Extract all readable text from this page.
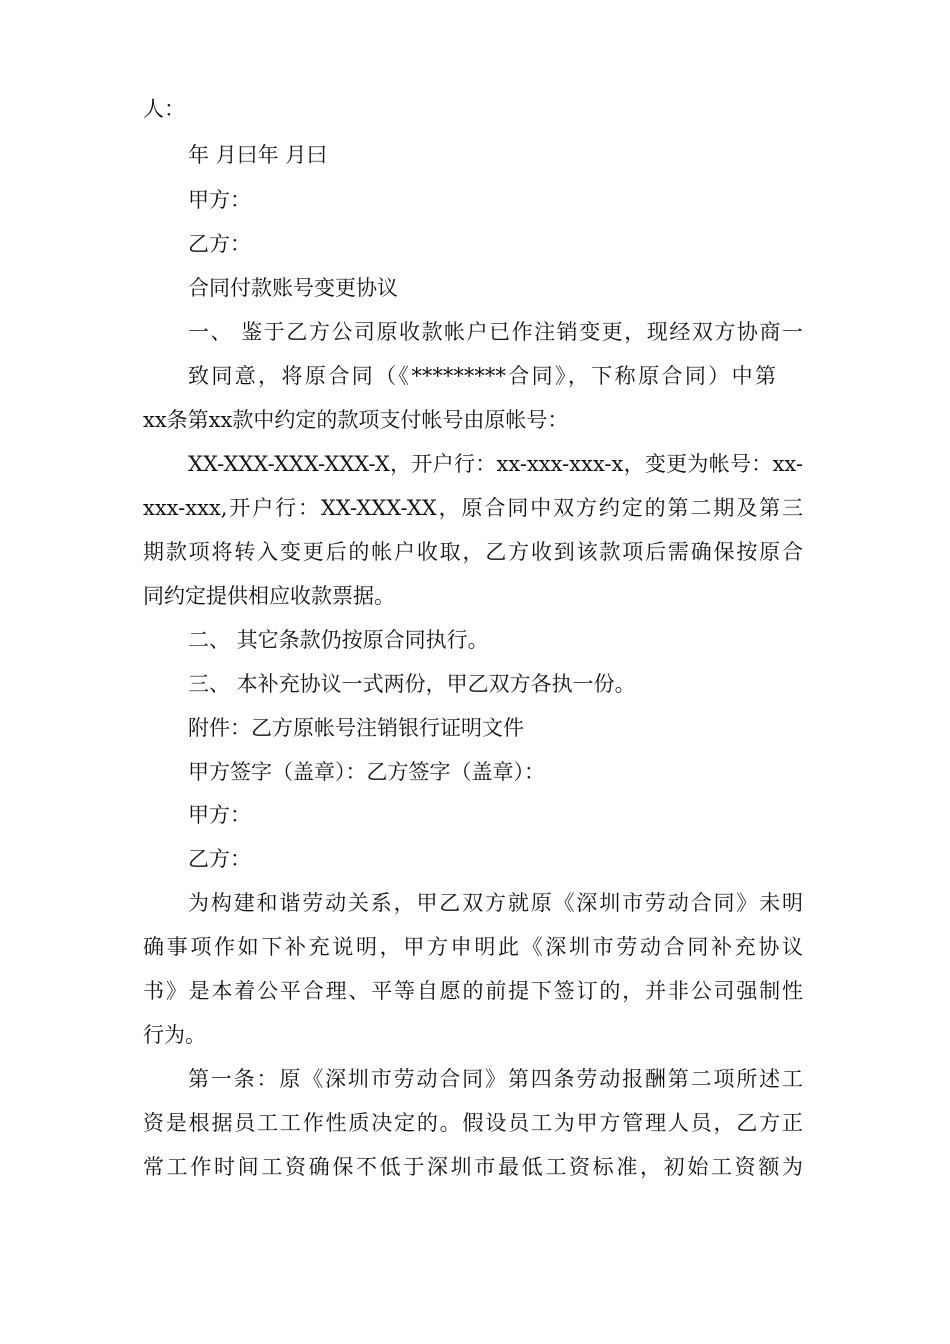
人：
年 月曰年 月曰
甲方：
乙方：
合同付款账号变更协议
一、 鉴于乙方公司原收款帐户已作注销变更，现经双方协商一
致同意，将原合同（《*********合同》，下称原合同）中第
xx条第xx款中约定的款项支付帐号由原帐号：
XX-XXX-XXX-XXX-X，开户行：xx-xxx-xxx-x，变更为帐号：xx-
xxx-xxx,开户行：XX-XXX-XX，原合同中双方约定的第二期及第三
期款项将转入变更后的帐户收取，乙方收到该款项后需确保按原合
同约定提供相应收款票据。
二、 其它条款仍按原合同执行。
三、 本补充协议一式两份，甲乙双方各执一份。
附件：乙方原帐号注销银行证明文件
甲方签字（盖章）：乙方签字（盖章）：
甲方：
乙方：
为构建和谐劳动关系，甲乙双方就原《深圳市劳动合同》未明
确事项作如下补充说明，甲方申明此《深圳市劳动合同补充协议
书》是本着公平合理、平等自愿的前提下签订的，并非公司强制性
行为。
第一条：原《深圳市劳动合同》第四条劳动报酬第二项所述工
资是根据员工工作性质决定的。假设员工为甲方管理人员，乙方正
常工作时间工资确保不低于深圳市最低工资标准，初始工资额为
